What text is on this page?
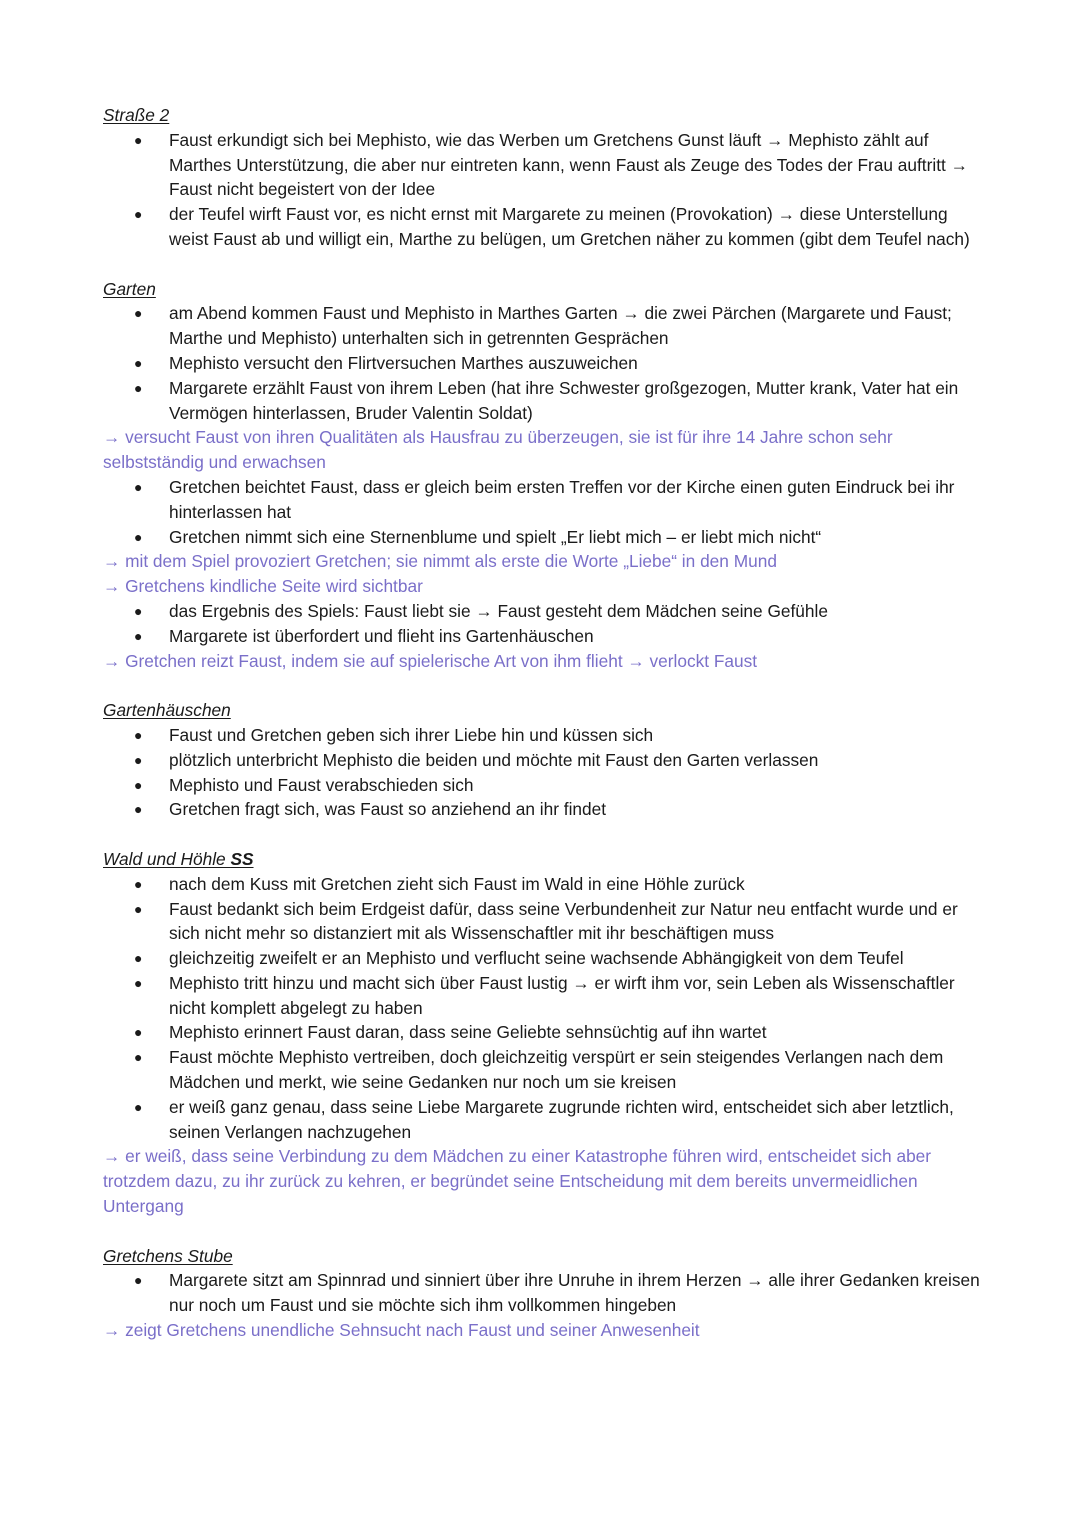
Straße 2
● Faust erkundigt sich bei Mephisto, wie das Werben um Gretchens Gunst läuft → Mephisto zählt auf Marthes Unterstützung, die aber nur eintreten kann, wenn Faust als Zeuge des Todes der Frau auftritt → Faust nicht begeistert von der Idee
● der Teufel wirft Faust vor, es nicht ernst mit Margarete zu meinen (Provokation) → diese Unterstellung weist Faust ab und willigt ein, Marthe zu belügen, um Gretchen näher zu kommen (gibt dem Teufel nach)
Garten
● am Abend kommen Faust und Mephisto in Marthes Garten → die zwei Pärchen (Margarete und Faust; Marthe und Mephisto) unterhalten sich in getrennten Gesprächen
● Mephisto versucht den Flirtversuchen Marthes auszuweichen
● Margarete erzählt Faust von ihrem Leben (hat ihre Schwester großgezogen, Mutter krank, Vater hat ein Vermögen hinterlassen, Bruder Valentin Soldat)
→ versucht Faust von ihren Qualitäten als Hausfrau zu überzeugen, sie ist für ihre 14 Jahre schon sehr selbstständig und erwachsen
● Gretchen beichtet Faust, dass er gleich beim ersten Treffen vor der Kirche einen guten Eindruck bei ihr hinterlassen hat
● Gretchen nimmt sich eine Sternenblume und spielt „Er liebt mich – er liebt mich nicht“
→ mit dem Spiel provoziert Gretchen; sie nimmt als erste die Worte „Liebe“ in den Mund
→ Gretchens kindliche Seite wird sichtbar
● das Ergebnis des Spiels: Faust liebt sie → Faust gesteht dem Mädchen seine Gefühle
● Margarete ist überfordert und flieht ins Gartenhäuschen
→ Gretchen reizt Faust, indem sie auf spielerische Art von ihm flieht → verlockt Faust
Gartenhäuschen
● Faust und Gretchen geben sich ihrer Liebe hin und küssen sich
● plötzlich unterbricht Mephisto die beiden und möchte mit Faust den Garten verlassen
● Mephisto und Faust verabschieden sich
● Gretchen fragt sich, was Faust so anziehend an ihr findet
Wald und Höhle SS
● nach dem Kuss mit Gretchen zieht sich Faust im Wald in eine Höhle zurück
● Faust bedankt sich beim Erdgeist dafür, dass seine Verbundenheit zur Natur neu entfacht wurde und er sich nicht mehr so distanziert mit als Wissenschaftler mit ihr beschäftigen muss
● gleichzeitig zweifelt er an Mephisto und verflucht seine wachsende Abhängigkeit von dem Teufel
● Mephisto tritt hinzu und macht sich über Faust lustig → er wirft ihm vor, sein Leben als Wissenschaftler nicht komplett abgelegt zu haben
● Mephisto erinnert Faust daran, dass seine Geliebte sehnsüchtig auf ihn wartet
● Faust möchte Mephisto vertreiben, doch gleichzeitig verspürt er sein steigendes Verlangen nach dem Mädchen und merkt, wie seine Gedanken nur noch um sie kreisen
● er weiß ganz genau, dass seine Liebe Margarete zugrunde richten wird, entscheidet sich aber letztlich, seinen Verlangen nachzugehen
→ er weiß, dass seine Verbindung zu dem Mädchen zu einer Katastrophe führen wird, entscheidet sich aber trotzdem dazu, zu ihr zurück zu kehren, er begründet seine Entscheidung mit dem bereits unvermeidlichen Untergang
Gretchens Stube
● Margarete sitzt am Spinnrad und sinniert über ihre Unruhe in ihrem Herzen → alle ihrer Gedanken kreisen nur noch um Faust und sie möchte sich ihm vollkommen hingeben
→ zeigt Gretchens unendliche Sehnsucht nach Faust und seiner Anwesenheit
